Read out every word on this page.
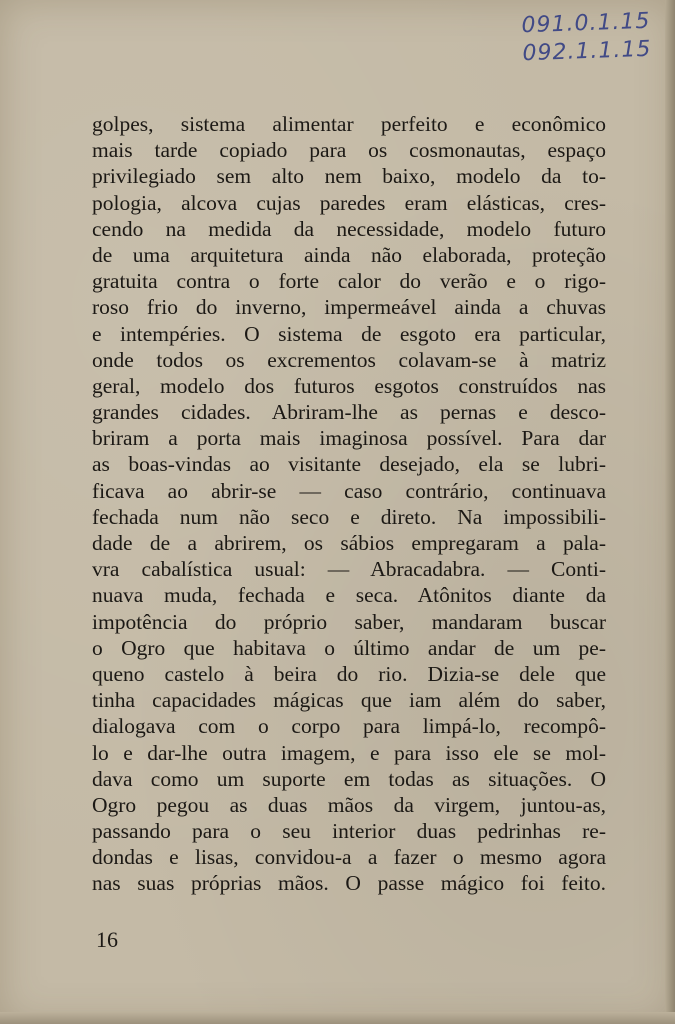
091.0.1.15
092.1.1.15
golpes, sistema alimentar perfeito e econômico
mais tarde copiado para os cosmonautas, espaço
privilegiado sem alto nem baixo, modelo da to-
pologia, alcova cujas paredes eram elásticas, cres-
cendo na medida da necessidade, modelo futuro
de uma arquitetura ainda não elaborada, proteção
gratuita contra o forte calor do verão e o rigo-
roso frio do inverno, impermeável ainda a chuvas
e intempéries. O sistema de esgoto era particular,
onde todos os excrementos colavam-se à matriz
geral, modelo dos futuros esgotos construídos nas
grandes cidades. Abriram-lhe as pernas e desco-
briram a porta mais imaginosa possível. Para dar
as boas-vindas ao visitante desejado, ela se lubri-
ficava ao abrir-se — caso contrário, continuava
fechada num não seco e direto. Na impossibili-
dade de a abrirem, os sábios empregaram a pala-
vra cabalística usual: — Abracadabra. — Conti-
nuava muda, fechada e seca. Atônitos diante da
impotência do próprio saber, mandaram buscar
o Ogro que habitava o último andar de um pe-
queno castelo à beira do rio. Dizia-se dele que
tinha capacidades mágicas que iam além do saber,
dialogava com o corpo para limpá-lo, recompô-
lo e dar-lhe outra imagem, e para isso ele se mol-
dava como um suporte em todas as situações. O
Ogro pegou as duas mãos da virgem, juntou-as,
passando para o seu interior duas pedrinhas re-
dondas e lisas, convidou-a a fazer o mesmo agora
nas suas próprias mãos. O passe mágico foi feito.
16
